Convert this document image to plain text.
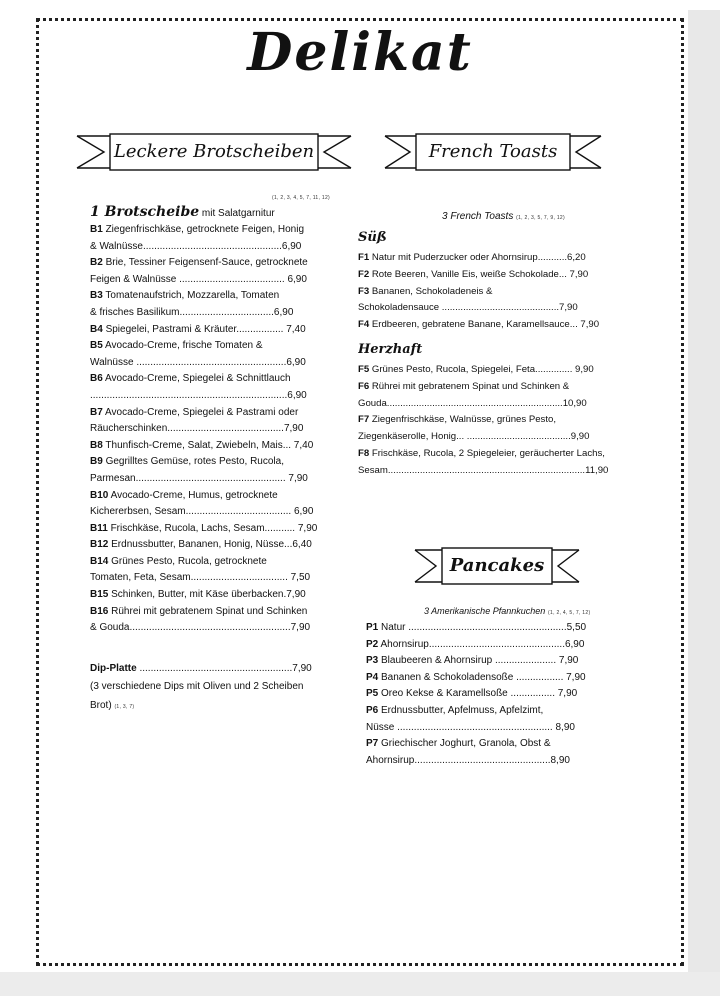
Delikat
Leckere Brotscheiben	French Toasts
Pancakes
(1, 2, 3, 4, 5, 7, 11, 12)
1 Brotscheibe mit Salatgarnitur
B1 Ziegenfrischkäse, getrocknete Feigen, Honig
& Walnüsse..................................................6,90
B2 Brie, Tessiner Feigensenf-Sauce, getrocknete
Feigen & Walnüsse ...................................... 6,90
B3 Tomatenaufstrich, Mozzarella, Tomaten
& frisches Basilikum..................................6,90
B4 Spiegelei, Pastrami & Kräuter................. 7,40
B5 Avocado-Creme, frische Tomaten &
Walnüsse ......................................................6,90
B6 Avocado-Creme, Spiegelei & Schnittlauch
.......................................................................6,90
B7 Avocado-Creme, Spiegelei & Pastrami oder
Räucherschinken..........................................7,90
B8 Thunfisch-Creme, Salat, Zwiebeln, Mais... 7,40
B9 Gegrilltes Gemüse, rotes Pesto, Rucola,
Parmesan...................................................... 7,90
B10 Avocado-Creme, Humus, getrocknete
Kichererbsen, Sesam...................................... 6,90
B11 Frischkäse, Rucola, Lachs, Sesam........... 7,90
B12 Erdnussbutter, Bananen, Honig, Nüsse...6,40
B14 Grünes Pesto, Rucola, getrocknete
Tomaten, Feta, Sesam................................... 7,50
B15 Schinken, Butter, mit Käse überbacken.7,90
B16 Rührei mit gebratenem Spinat und Schinken
& Gouda..........................................................7,90
Dip-Platte .......................................................7,90
(3 verschiedene Dips mit Oliven und 2 Scheiben
Brot) (1, 3, 7)
3 French Toasts (1, 2, 3, 5, 7, 9, 12)
Süß
F1 Natur mit Puderzucker oder Ahornsirup...........6,20
F2 Rote Beeren, Vanille Eis, weiße Schokolade... 7,90
F3 Bananen, Schokoladeneis &
Schokoladensauce ............................................7,90
F4 Erdbeeren, gebratene Banane, Karamellsauce... 7,90
Herzhaft
F5 Grünes Pesto, Rucola, Spiegelei, Feta.............. 9,90
F6 Rührei mit gebratenem Spinat und Schinken &
Gouda..................................................................10,90
F7 Ziegenfrischkäse, Walnüsse, grünes Pesto,
Ziegenkäserolle, Honig... .......................................9,90
F8 Frischkäse, Rucola, 2 Spiegeleier, geräucherter Lachs,
Sesam..........................................................................11,90
3 Amerikanische Pfannkuchen (1, 2, 4, 5, 7, 12)
P1 Natur .........................................................5,50
P2 Ahornsirup.................................................6,90
P3 Blaubeeren & Ahornsirup ...................... 7,90
P4 Bananen & Schokoladensoße ................. 7,90
P5 Oreo Kekse & Karamellsoße ................ 7,90
P6 Erdnussbutter, Apfelmuss, Apfelzimt,
Nüsse ........................................................ 8,90
P7 Griechischer Joghurt, Granola, Obst &
Ahornsirup.................................................8,90
